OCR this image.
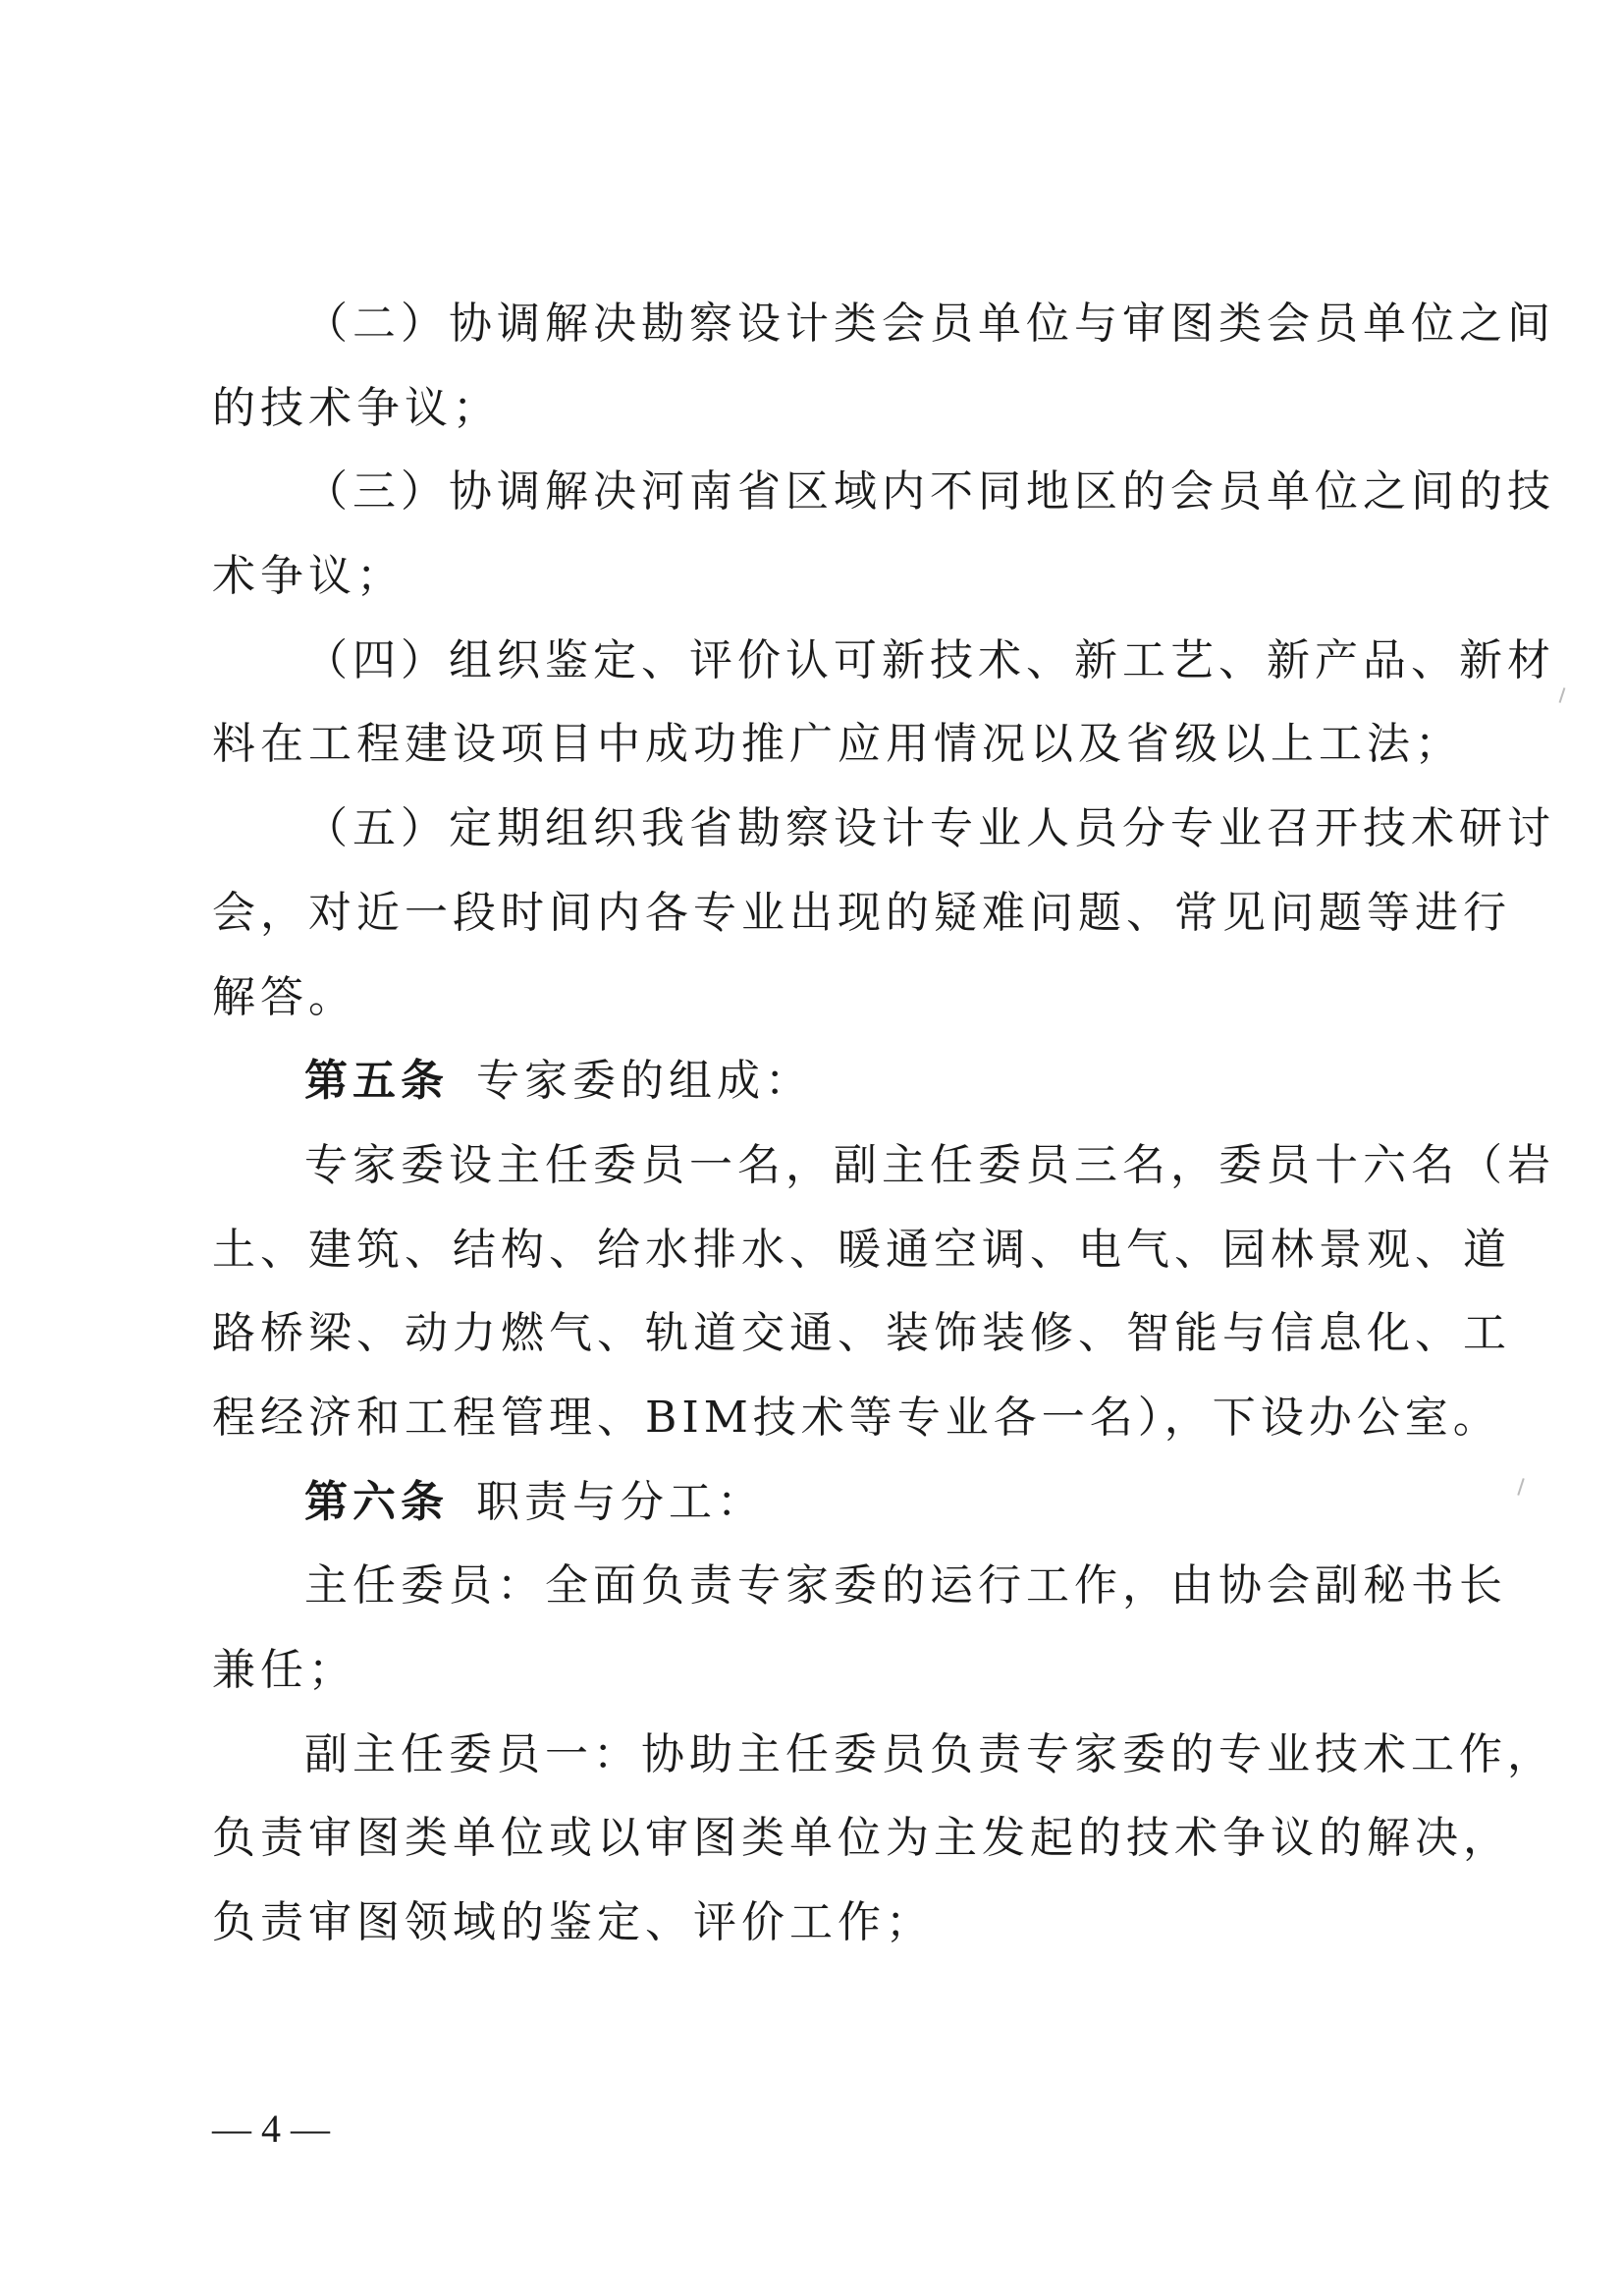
（二）协调解决勘察设计类会员单位与审图类会员单位之间
的技术争议；
（三）协调解决河南省区域内不同地区的会员单位之间的技
术争议；
（四）组织鉴定、评价认可新技术、新工艺、新产品、新材
料在工程建设项目中成功推广应用情况以及省级以上工法；
（五）定期组织我省勘察设计专业人员分专业召开技术研讨
会，对近一段时间内各专业出现的疑难问题、常见问题等进行
解答。
第五条 专家委的组成：
专家委设主任委员一名，副主任委员三名，委员十六名（岩
土、建筑、结构、给水排水、暖通空调、电气、园林景观、道
路桥梁、动力燃气、轨道交通、装饰装修、智能与信息化、工
程经济和工程管理、BIM技术等专业各一名），下设办公室。
第六条 职责与分工：
主任委员：全面负责专家委的运行工作，由协会副秘书长
兼任；
副主任委员一：协助主任委员负责专家委的专业技术工作，
负责审图类单位或以审图类单位为主发起的技术争议的解决，
负责审图领域的鉴定、评价工作；
— 4 —
